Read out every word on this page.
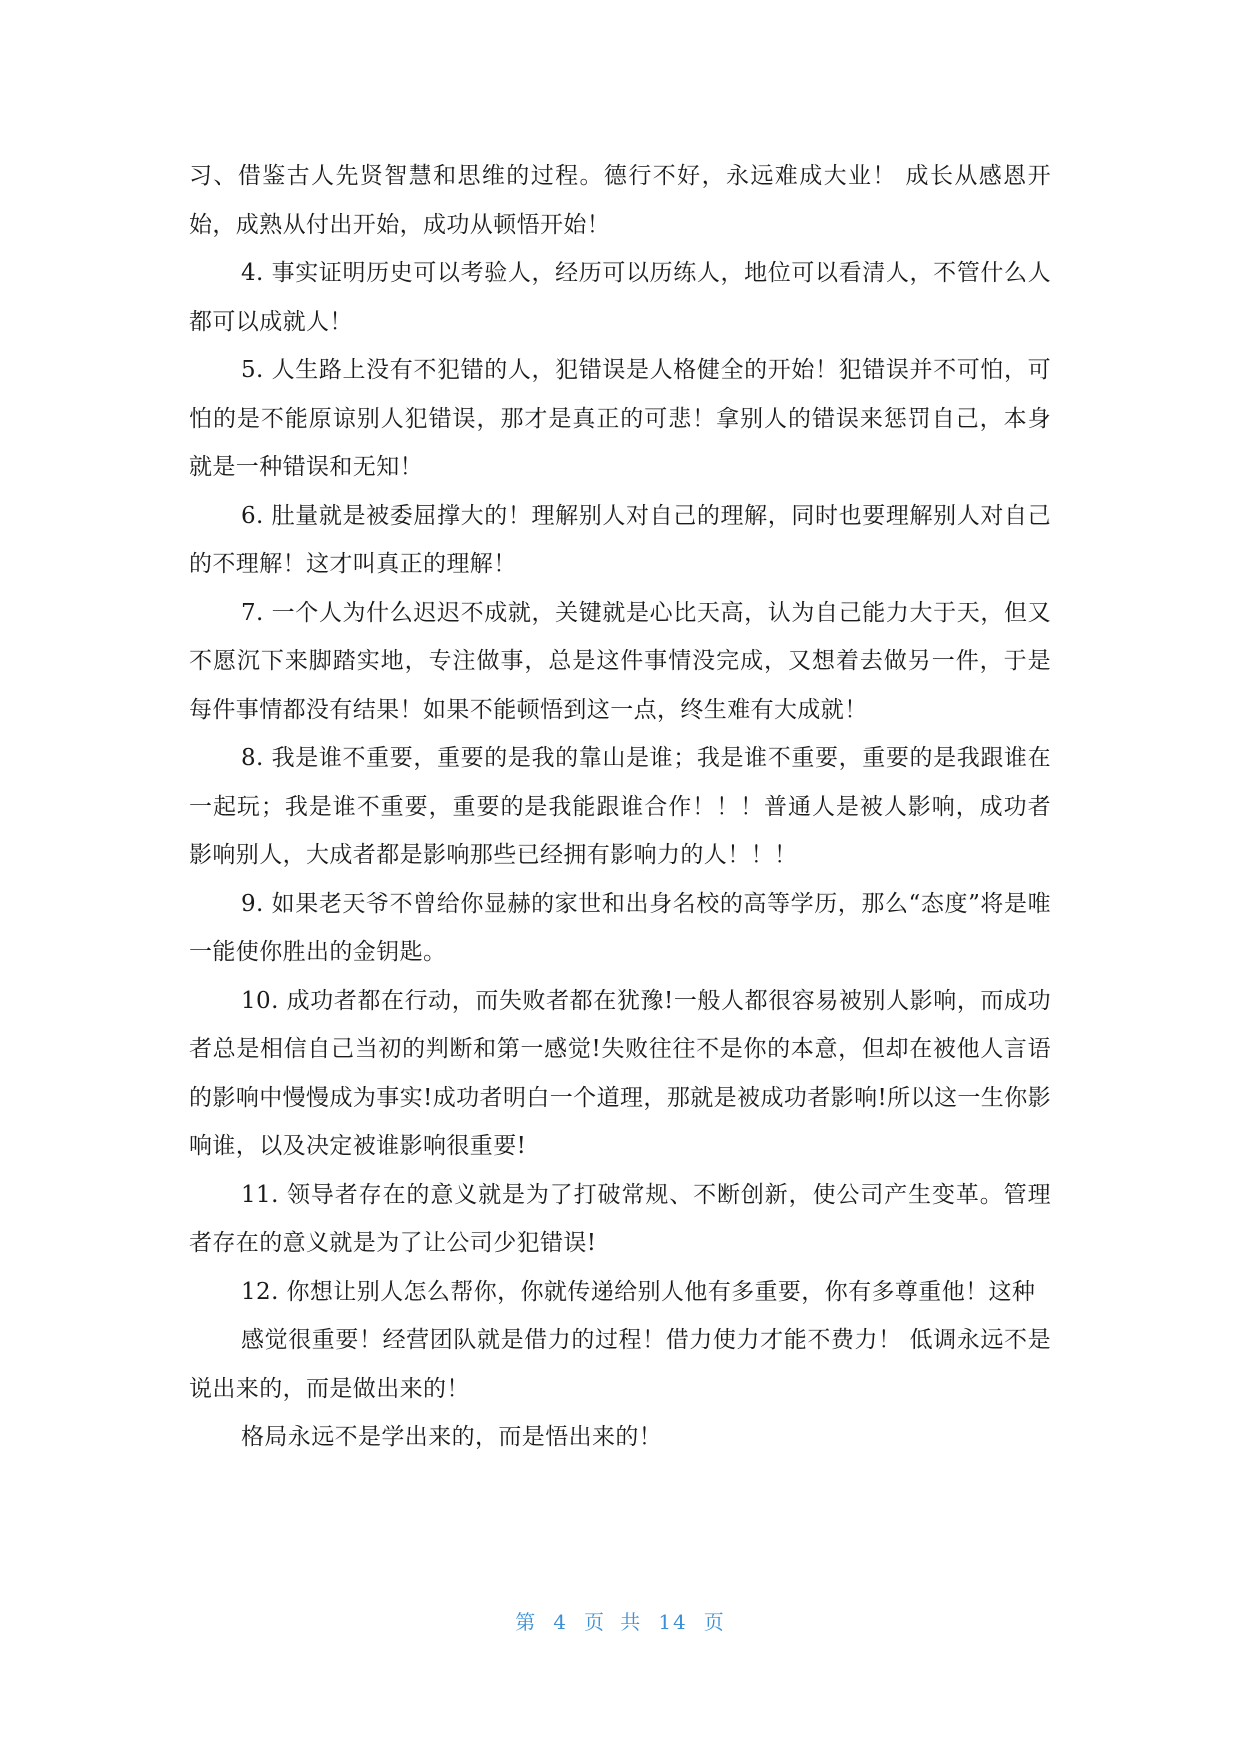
习、借鉴古人先贤智慧和思维的过程。德行不好，永远难成大业！ 成长从感恩开始，成熟从付出开始，成功从顿悟开始！

4. 事实证明历史可以考验人，经历可以历练人，地位可以看清人，不管什么人都可以成就人！

5. 人生路上没有不犯错的人，犯错误是人格健全的开始！犯错误并不可怕，可怕的是不能原谅别人犯错误，那才是真正的可悲！拿别人的错误来惩罚自己，本身就是一种错误和无知！

6. 肚量就是被委屈撑大的！理解别人对自己的理解，同时也要理解别人对自己的不理解！这才叫真正的理解！

7. 一个人为什么迟迟不成就，关键就是心比天高，认为自己能力大于天，但又不愿沉下来脚踏实地，专注做事，总是这件事情没完成，又想着去做另一件，于是每件事情都没有结果！如果不能顿悟到这一点，终生难有大成就！

8. 我是谁不重要，重要的是我的靠山是谁；我是谁不重要，重要的是我跟谁在一起玩；我是谁不重要，重要的是我能跟谁合作！！！普通人是被人影响，成功者影响别人，大成者都是影响那些已经拥有影响力的人！！！

9. 如果老天爷不曾给你显赫的家世和出身名校的高等学历，那么“态度”将是唯一能使你胜出的金钥匙。

10. 成功者都在行动，而失败者都在犹豫!一般人都很容易被别人影响，而成功者总是相信自己当初的判断和第一感觉!失败往往不是你的本意，但却在被他人言语的影响中慢慢成为事实!成功者明白一个道理，那就是被成功者影响!所以这一生你影响谁，以及决定被谁影响很重要!

11. 领导者存在的意义就是为了打破常规、不断创新，使公司产生变革。管理者存在的意义就是为了让公司少犯错误!

12. 你想让别人怎么帮你，你就传递给别人他有多重要，你有多尊重他！这种

感觉很重要！经营团队就是借力的过程！借力使力才能不费力！ 低调永远不是说出来的，而是做出来的！

格局永远不是学出来的，而是悟出来的！

第 4 页 共 14 页
